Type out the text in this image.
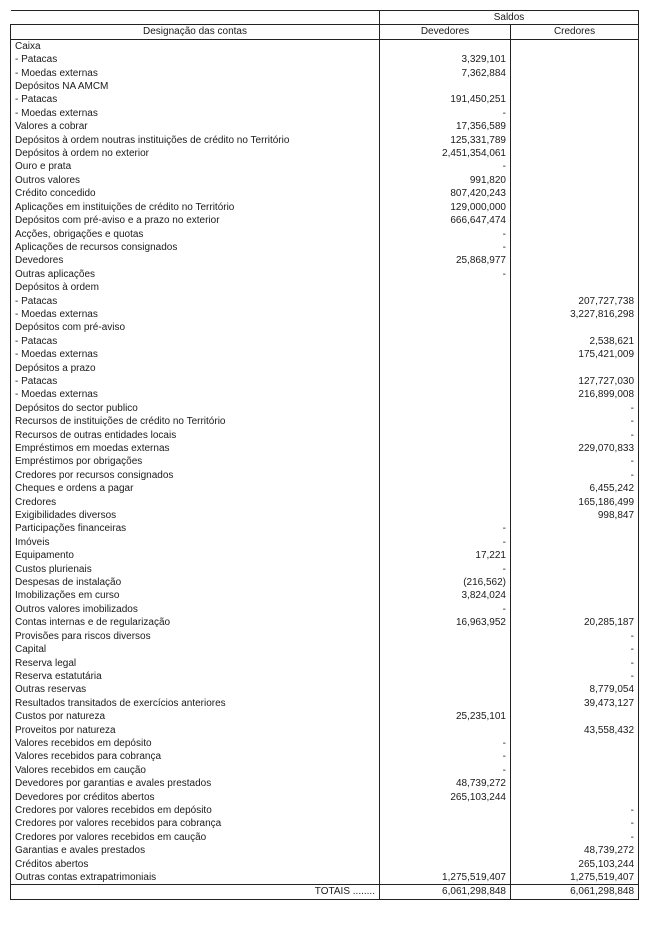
	Saldos	
Designação das contas	Devedores	Credores
Caixa		
- Patacas	3,329,101	
- Moedas externas	7,362,884	
Depósitos NA AMCM		
- Patacas	191,450,251	
- Moedas externas	-	
Valores a cobrar	17,356,589	
Depósitos à ordem noutras instituições de crédito no Território	125,331,789	
Depósitos à ordem no exterior	2,451,354,061	
Ouro e prata	-	
Outros valores	991,820	
Crédito concedido	807,420,243	
Aplicações em instituições de crédito no Território	129,000,000	
Depósitos com pré-aviso e a prazo no exterior	666,647,474	
Acções, obrigações e quotas	-	
Aplicações de recursos consignados	-	
Devedores	25,868,977	
Outras aplicações	-	
Depósitos à ordem		
- Patacas		207,727,738
- Moedas externas		3,227,816,298
Depósitos com pré-aviso		
- Patacas		2,538,621
- Moedas externas		175,421,009
Depósitos a prazo		
- Patacas		127,727,030
- Moedas externas		216,899,008
Depósitos do sector publico		-
Recursos de instituições de crédito no Território		-
Recursos de outras entidades locais		-
Empréstimos em moedas externas		229,070,833
Empréstimos por obrigações		-
Credores por recursos consignados		-
Cheques e ordens a pagar		6,455,242
Credores		165,186,499
Exigibilidades diversos		998,847
Participações financeiras	-	
Imóveis	-	
Equipamento	17,221	
Custos plurienais	-	
Despesas de instalação	(216,562)	
Imobilizações em curso	3,824,024	
Outros valores imobilizados	-	
Contas internas e de regularização	16,963,952	20,285,187
Provisões para riscos diversos		-
Capital		-
Reserva legal		-
Reserva estatutária		-
Outras reservas		8,779,054
Resultados transitados de exercícios anteriores		39,473,127
Custos por natureza	25,235,101	
Proveitos por natureza		43,558,432
Valores recebidos em depósito	-	
Valores recebidos para cobrança	-	
Valores recebidos em caução	-	
Devedores por garantias e avales prestados	48,739,272	
Devedores por créditos abertos	265,103,244	
Credores por valores recebidos em depósito		-
Credores por valores recebidos para cobrança		-
Credores por valores recebidos em caução		-
Garantias e avales prestados		48,739,272
Créditos abertos		265,103,244
Outras contas extrapatrimoniais	1,275,519,407	1,275,519,407
TOTAIS ........	6,061,298,848	6,061,298,848
